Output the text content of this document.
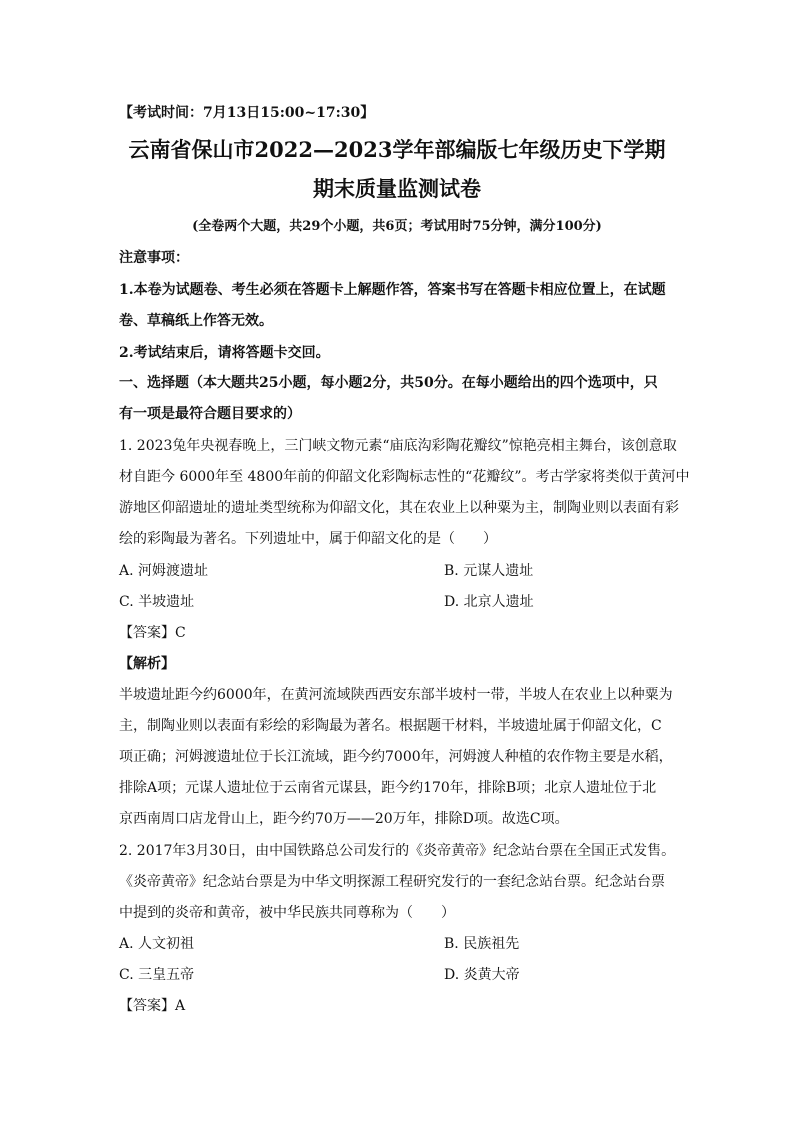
【考试时间：7月13日15:00~17:30】
云南省保山市2022—2023学年部编版七年级历史下学期
期末质量监测试卷
(全卷两个大题，共29个小题，共6页；考试用时75分钟，满分100分)
注意事项：
1.本卷为试题卷、考生必须在答题卡上解题作答，答案书写在答题卡相应位置上，在试题
卷、草稿纸上作答无效。
2.考试结束后，请将答题卡交回。
一、选择题（本大题共25小题，每小题2分，共50分。在每小题给出的四个选项中，只
有一项是最符合题目要求的）
1. 2023兔年央视春晚上，三门峡文物元素“庙底沟彩陶花瓣纹”惊艳亮相主舞台，该创意取
材自距今 6000年至 4800年前的仰韶文化彩陶标志性的“花瓣纹”。考古学家将类似于黄河中
游地区仰韶遗址的遗址类型统称为仰韶文化，其在农业上以种粟为主，制陶业则以表面有彩
绘的彩陶最为著名。下列遗址中，属于仰韶文化的是（　　）
A. 河姆渡遗址	B. 元谋人遗址
C. 半坡遗址	D. 北京人遗址
【答案】C
【解析】
半坡遗址距今约6000年，在黄河流域陕西西安东部半坡村一带，半坡人在农业上以种粟为
主，制陶业则以表面有彩绘的彩陶最为著名。根据题干材料，半坡遗址属于仰韶文化，C
项正确；河姆渡遗址位于长江流域，距今约7000年，河姆渡人种植的农作物主要是水稻，
排除A项；元谋人遗址位于云南省元谋县，距今约170年，排除B项；北京人遗址位于北
京西南周口店龙骨山上，距今约70万——20万年，排除D项。故选C项。
2. 2017年3月30日，由中国铁路总公司发行的《炎帝黄帝》纪念站台票在全国正式发售。
《炎帝黄帝》纪念站台票是为中华文明探源工程研究发行的一套纪念站台票。纪念站台票
中提到的炎帝和黄帝，被中华民族共同尊称为（　　）
A. 人文初祖	B. 民族祖先
C. 三皇五帝	D. 炎黄大帝
【答案】A
